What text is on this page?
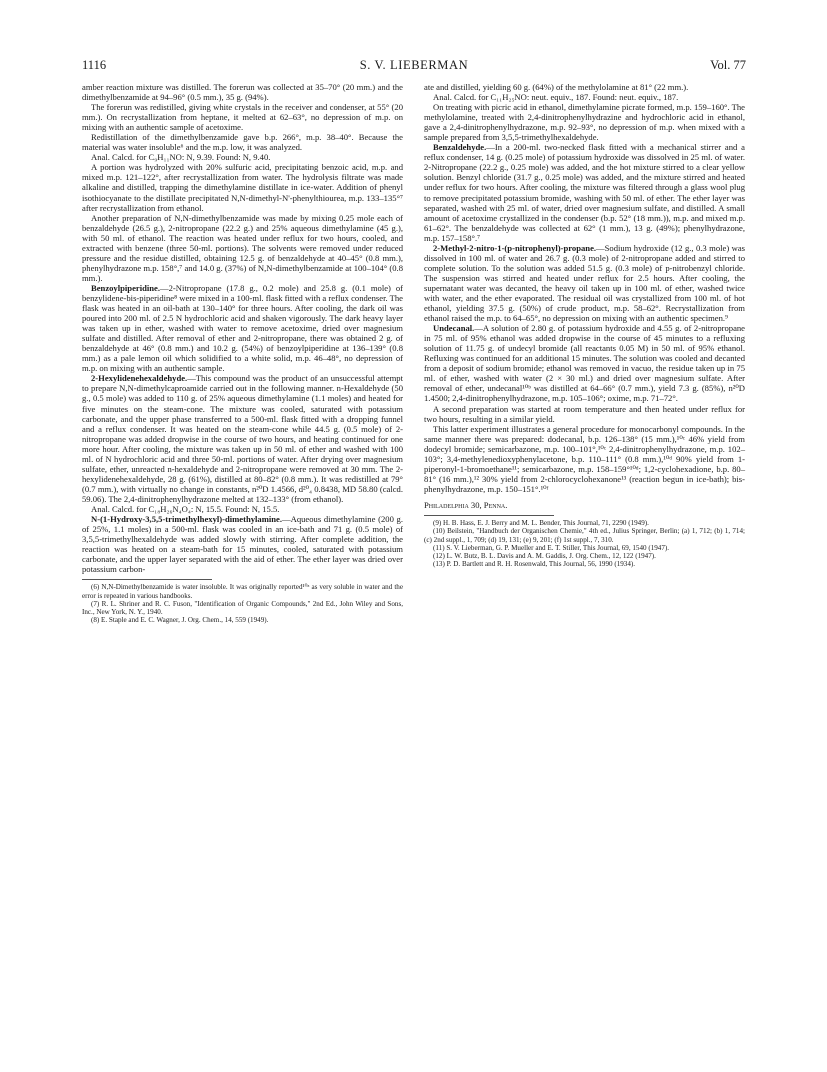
1116	S. V. LIEBERMAN	Vol. 77

amber reaction mixture was distilled. The forerun was collected at 35–70° (20 mm.) and the dimethylbenzamide at 94–96° (0.5 mm.), 35 g. (94%).

The forerun was redistilled, giving white crystals in the receiver and condenser, at 55° (20 mm.). On recrystallization from heptane, it melted at 62–63°, no depression of m.p. on mixing with an authentic sample of acetoxime.

Redistillation of the dimethylbenzamide gave b.p. 266°, m.p. 38–40°. Because the material was water insoluble⁶ and the m.p. low, it was analyzed.

Anal. Calcd. for C₉H₁₁NO: N, 9.39. Found: N, 9.40.

A portion was hydrolyzed with 20% sulfuric acid, precipitating benzoic acid, m.p. and mixed m.p. 121–122°, after recrystallization from water. The hydrolysis filtrate was made alkaline and distilled, trapping the dimethylamine distillate in ice-water. Addition of phenyl isothiocyanate to the distillate precipitated N,N-dimethyl-N'-phenylthiourea, m.p. 133–135°⁷ after recrystallization from ethanol.

Another preparation of N,N-dimethylbenzamide was made by mixing 0.25 mole each of benzaldehyde (26.5 g.), 2-nitropropane (22.2 g.) and 25% aqueous dimethylamine (45 g.), with 50 ml. of ethanol. The reaction was heated under reflux for two hours, cooled, and extracted with benzene (three 50-ml. portions). The solvents were removed under reduced pressure and the residue distilled, obtaining 12.5 g. of benzaldehyde at 40–45° (0.8 mm.), phenylhydrazone m.p. 158°,⁷ and 14.0 g. (37%) of N,N-dimethylbenzamide at 100–104° (0.8 mm.).

Benzoylpiperidine.—2-Nitropropane (17.8 g., 0.2 mole) and 25.8 g. (0.1 mole) of benzylidene-bis-piperidine⁸ were mixed in a 100-ml. flask fitted with a reflux condenser. The flask was heated in an oil-bath at 130–140° for three hours. After cooling, the dark oil was poured into 200 ml. of 2.5 N hydrochloric acid and shaken vigorously. The dark heavy layer was taken up in ether, washed with water to remove acetoxime, dried over magnesium sulfate and distilled. After removal of ether and 2-nitropropane, there was obtained 2 g. of benzaldehyde at 46° (0.8 mm.) and 10.2 g. (54%) of benzoylpiperidine at 136–139° (0.8 mm.) as a pale lemon oil which solidified to a white solid, m.p. 46–48°, no depression of m.p. on mixing with an authentic sample.

2-Hexylidenehexaldehyde.—This compound was the product of an unsuccessful attempt to prepare N,N-dimethylcaproamide carried out in the following manner. n-Hexaldehyde (50 g., 0.5 mole) was added to 110 g. of 25% aqueous dimethylamine (1.1 moles) and heated for five minutes on the steam-cone. The mixture was cooled, saturated with potassium carbonate, and the upper phase transferred to a 500-ml. flask fitted with a dropping funnel and a reflux condenser. It was heated on the steam-cone while 44.5 g. (0.5 mole) of 2-nitropropane was added dropwise in the course of two hours, and heating continued for one more hour. After cooling, the mixture was taken up in 50 ml. of ether and washed with 100 ml. of N hydrochloric acid and three 50-ml. portions of water. After drying over magnesium sulfate, ether, unreacted n-hexaldehyde and 2-nitropropane were removed at 30 mm. The 2-hexylidenehexaldehyde, 28 g. (61%), distilled at 80–82° (0.8 mm.). It was redistilled at 79° (0.7 mm.), with virtually no change in constants, n²⁰D 1.4566, d²⁰₄ 0.8438, MD 58.80 (calcd. 59.06). The 2,4-dinitrophenylhydrazone melted at 132–133° (from ethanol).

Anal. Calcd. for C₁₈H₂₆N₄O₄: N, 15.5. Found: N, 15.5.

N-(1-Hydroxy-3,5,5-trimethylhexyl)-dimethylamine.—Aqueous dimethylamine (200 g. of 25%, 1.1 moles) in a 500-ml. flask was cooled in an ice-bath and 71 g. (0.5 mole) of 3,5,5-trimethylhexaldehyde was added slowly with stirring. After complete addition, the reaction was heated on a steam-bath for 15 minutes, cooled, saturated with potassium carbonate, and the upper layer separated with the aid of ether. The ether layer was dried over potassium carbon-

(6) N,N-Dimethylbenzamide is water insoluble. It was originally reported¹⁰ᵃ as very soluble in water and the error is repeated in various handbooks.

(7) R. L. Shriner and R. C. Fuson, "Identification of Organic Compounds," 2nd Ed., John Wiley and Sons, Inc., New York, N. Y., 1940.

(8) E. Staple and E. C. Wagner, J. Org. Chem., 14, 559 (1949).

ate and distilled, yielding 60 g. (64%) of the methylolamine at 81° (22 mm.).

Anal. Calcd. for C₁₁H₂₅NO: neut. equiv., 187. Found: neut. equiv., 187.

On treating with picric acid in ethanol, dimethylamine picrate formed, m.p. 159–160°. The methylolamine, treated with 2,4-dinitrophenylhydrazine and hydrochloric acid in ethanol, gave a 2,4-dinitrophenylhydrazone, m.p. 92–93°, no depression of m.p. when mixed with a sample prepared from 3,5,5-trimethylhexaldehyde.

Benzaldehyde.—In a 200-ml. two-necked flask fitted with a mechanical stirrer and a reflux condenser, 14 g. (0.25 mole) of potassium hydroxide was dissolved in 25 ml. of water. 2-Nitropropane (22.2 g., 0.25 mole) was added, and the hot mixture stirred to a clear yellow solution. Benzyl chloride (31.7 g., 0.25 mole) was added, and the mixture stirred and heated under reflux for two hours. After cooling, the mixture was filtered through a glass wool plug to remove precipitated potassium bromide, washing with 50 ml. of ether. The ether layer was separated, washed with 25 ml. of water, dried over magnesium sulfate, and distilled. A small amount of acetoxime crystallized in the condenser (b.p. 52° (18 mm.)), m.p. and mixed m.p. 61–62°. The benzaldehyde was collected at 62° (1 mm.), 13 g. (49%); phenylhydrazone, m.p. 157–158°.⁷

2-Methyl-2-nitro-1-(p-nitrophenyl)-propane.—Sodium hydroxide (12 g., 0.3 mole) was dissolved in 100 ml. of water and 26.7 g. (0.3 mole) of 2-nitropropane added and stirred to complete solution. To the solution was added 51.5 g. (0.3 mole) of p-nitrobenzyl chloride. The suspension was stirred and heated under reflux for 2.5 hours. After cooling, the supernatant water was decanted, the heavy oil taken up in 100 ml. of ether, washed twice with water, and the ether evaporated. The residual oil was crystallized from 100 ml. of hot ethanol, yielding 37.5 g. (50%) of crude product, m.p. 58–62°. Recrystallization from ethanol raised the m.p. to 64–65°, no depression on mixing with an authentic specimen.⁹

Undecanal.—A solution of 2.80 g. of potassium hydroxide and 4.55 g. of 2-nitropropane in 75 ml. of 95% ethanol was added dropwise in the course of 45 minutes to a refluxing solution of 11.75 g. of undecyl bromide (all reactants 0.05 M) in 50 ml. of 95% ethanol. Refluxing was continued for an additional 15 minutes. The solution was cooled and decanted from a deposit of sodium bromide; ethanol was removed in vacuo, the residue taken up in 75 ml. of ether, washed with water (2 × 30 ml.) and dried over magnesium sulfate. After removal of ether, undecanal¹⁰ᵇ was distilled at 64–66° (0.7 mm.), yield 7.3 g. (85%), n²⁰D 1.4500; 2,4-dinitrophenylhydrazone, m.p. 105–106°; oxime, m.p. 71–72°.

A second preparation was started at room temperature and then heated under reflux for two hours, resulting in a similar yield.

This latter experiment illustrates a general procedure for monocarbonyl compounds. In the same manner there was prepared: dodecanal, b.p. 126–138° (15 mm.),¹⁰ᶜ 46% yield from dodecyl bromide; semicarbazone, m.p. 100–101°,¹⁰ᶜ 2,4-dinitrophenylhydrazone, m.p. 102–103°; 3,4-methylenedioxyphenylacetone, b.p. 110–111° (0.8 mm.),¹⁰ᵈ 90% yield from 1-piperonyl-1-bromoethane¹¹; semicarbazone, m.p. 158–159°¹⁰ᵈ; 1,2-cyclohexadione, b.p. 80–81° (16 mm.),¹² 30% yield from 2-chlorocyclohexanone¹³ (reaction begun in ice-bath); bis-phenylhydrazone, m.p. 150–151°.¹⁰ᶠ

Philadelphia 30, Penna.

(9) H. B. Hass, E. J. Berry and M. L. Bender, This Journal, 71, 2290 (1949).

(10) Beilstein, "Handbuch der Organischen Chemie," 4th ed., Julius Springer, Berlin; (a) 1, 712; (b) 1, 714; (c) 2nd suppl., 1, 709; (d) 19, 131; (e) 9, 201; (f) 1st suppl., 7, 310.

(11) S. V. Lieberman, G. P. Mueller and E. T. Stiller, This Journal, 69, 1540 (1947).

(12) L. W. Butz, B. L. Davis and A. M. Gaddis, J. Org. Chem., 12, 122 (1947).

(13) P. D. Bartlett and R. H. Rosenwald, This Journal, 56, 1990 (1934).
